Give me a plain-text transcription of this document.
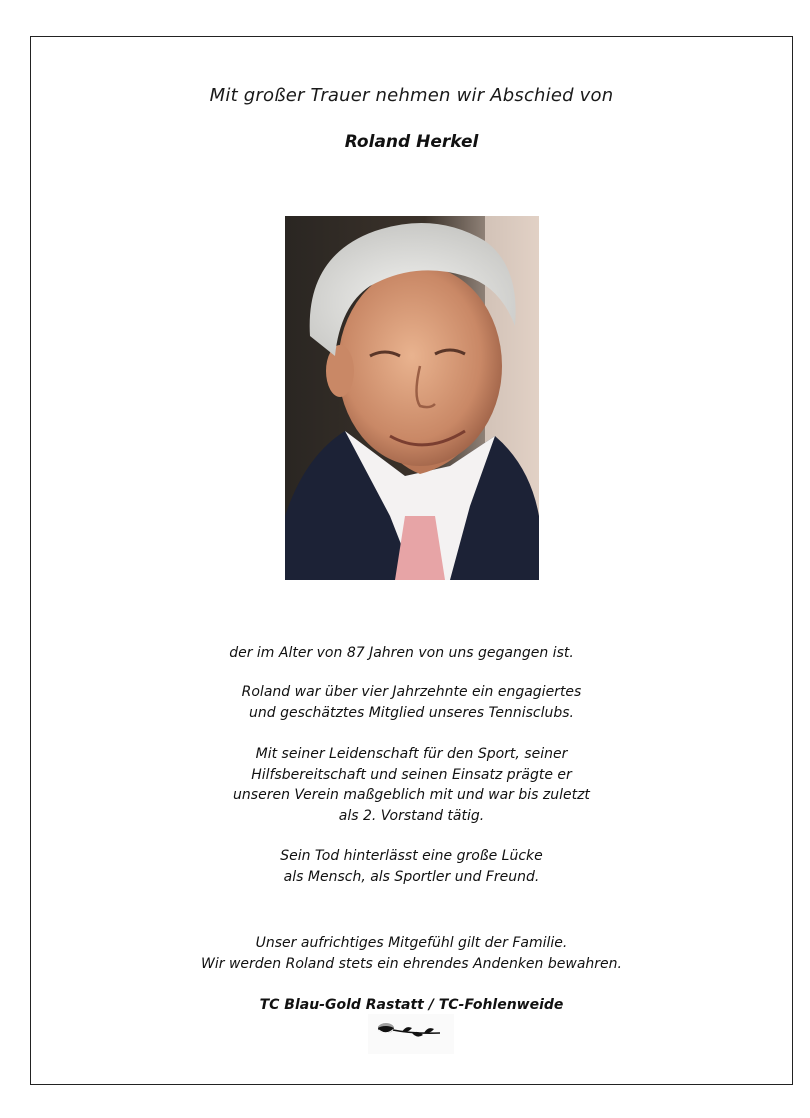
Mit großer Trauer nehmen wir Abschied von
Roland Herkel
der im Alter von 87 Jahren von uns gegangen ist.
Roland war über vier Jahrzehnte ein engagiertes
und geschätztes Mitglied unseres Tennisclubs.
Mit seiner Leidenschaft für den Sport, seiner
Hilfsbereitschaft und seinen Einsatz prägte er
unseren Verein maßgeblich mit und war bis zuletzt
als 2. Vorstand tätig.
Sein Tod hinterlässt eine große Lücke
als Mensch, als Sportler und Freund.
Unser aufrichtiges Mitgefühl gilt der Familie.
Wir werden Roland stets ein ehrendes Andenken bewahren.
TC Blau-Gold Rastatt / TC-Fohlenweide
